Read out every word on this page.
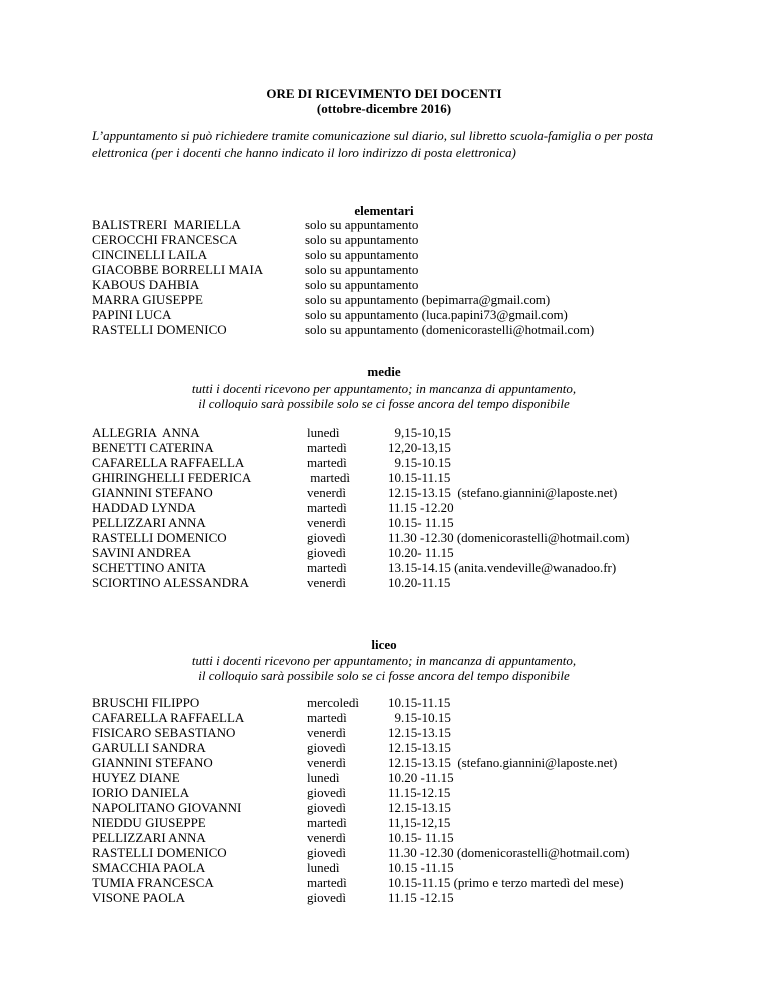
ORE DI RICEVIMENTO DEI DOCENTI
(ottobre-dicembre 2016)
L’appuntamento si può richiedere tramite comunicazione sul diario, sul libretto scuola-famiglia o per posta elettronica (per i docenti che hanno indicato il loro indirizzo di posta elettronica)
elementari
BALISTRERI  MARIELLA	solo su appuntamento
CEROCCHI FRANCESCA	solo su appuntamento
CINCINELLI LAILA	solo su appuntamento
GIACOBBE BORRELLI MAIA	solo su appuntamento
KABOUS DAHBIA	solo su appuntamento
MARRA GIUSEPPE	solo su appuntamento (bepimarra@gmail.com)
PAPINI LUCA	solo su appuntamento (luca.papini73@gmail.com)
RASTELLI DOMENICO	solo su appuntamento (domenicorastelli@hotmail.com)
medie
tutti i docenti ricevono per appuntamento; in mancanza di appuntamento,
il colloquio sarà possibile solo se ci fosse ancora del tempo disponibile
ALLEGRIA  ANNA	lunedì	9,15-10,15
BENETTI CATERINA	martedì	12,20-13,15
CAFARELLA RAFFAELLA	martedì	9.15-10.15
GHIRINGHELLI FEDERICA	martedì	10.15-11.15
GIANNINI STEFANO	venerdì	12.15-13.15  (stefano.giannini@laposte.net)
HADDAD LYNDA	martedì	11.15 -12.20
PELLIZZARI ANNA	venerdì	10.15- 11.15
RASTELLI DOMENICO	giovedì	11.30 -12.30 (domenicorastelli@hotmail.com)
SAVINI ANDREA	giovedì	10.20- 11.15
SCHETTINO ANITA	martedì	13.15-14.15 (anita.vendeville@wanadoo.fr)
SCIORTINO ALESSANDRA	venerdì	10.20-11.15
liceo
tutti i docenti ricevono per appuntamento; in mancanza di appuntamento,
il colloquio sarà possibile solo se ci fosse ancora del tempo disponibile
BRUSCHI FILIPPO	mercoledì 10.15-11.15
CAFARELLA RAFFAELLA	martedì	9.15-10.15
FISICARO SEBASTIANO	venerdì	12.15-13.15
GARULLI SANDRA	giovedì	12.15-13.15
GIANNINI STEFANO	venerdì	12.15-13.15  (stefano.giannini@laposte.net)
HUYEZ DIANE	lunedì	10.20 -11.15
IORIO DANIELA	giovedì	11.15-12.15
NAPOLITANO GIOVANNI	giovedì	12.15-13.15
NIEDDU GIUSEPPE	martedì	11,15-12,15
PELLIZZARI ANNA	venerdì	10.15- 11.15
RASTELLI DOMENICO	giovedì	11.30 -12.30 (domenicorastelli@hotmail.com)
SMACCHIA PAOLA	lunedì	10.15 -11.15
TUMIA FRANCESCA	martedì	10.15-11.15 (primo e terzo martedì del mese)
VISONE PAOLA	giovedì	11.15 -12.15
